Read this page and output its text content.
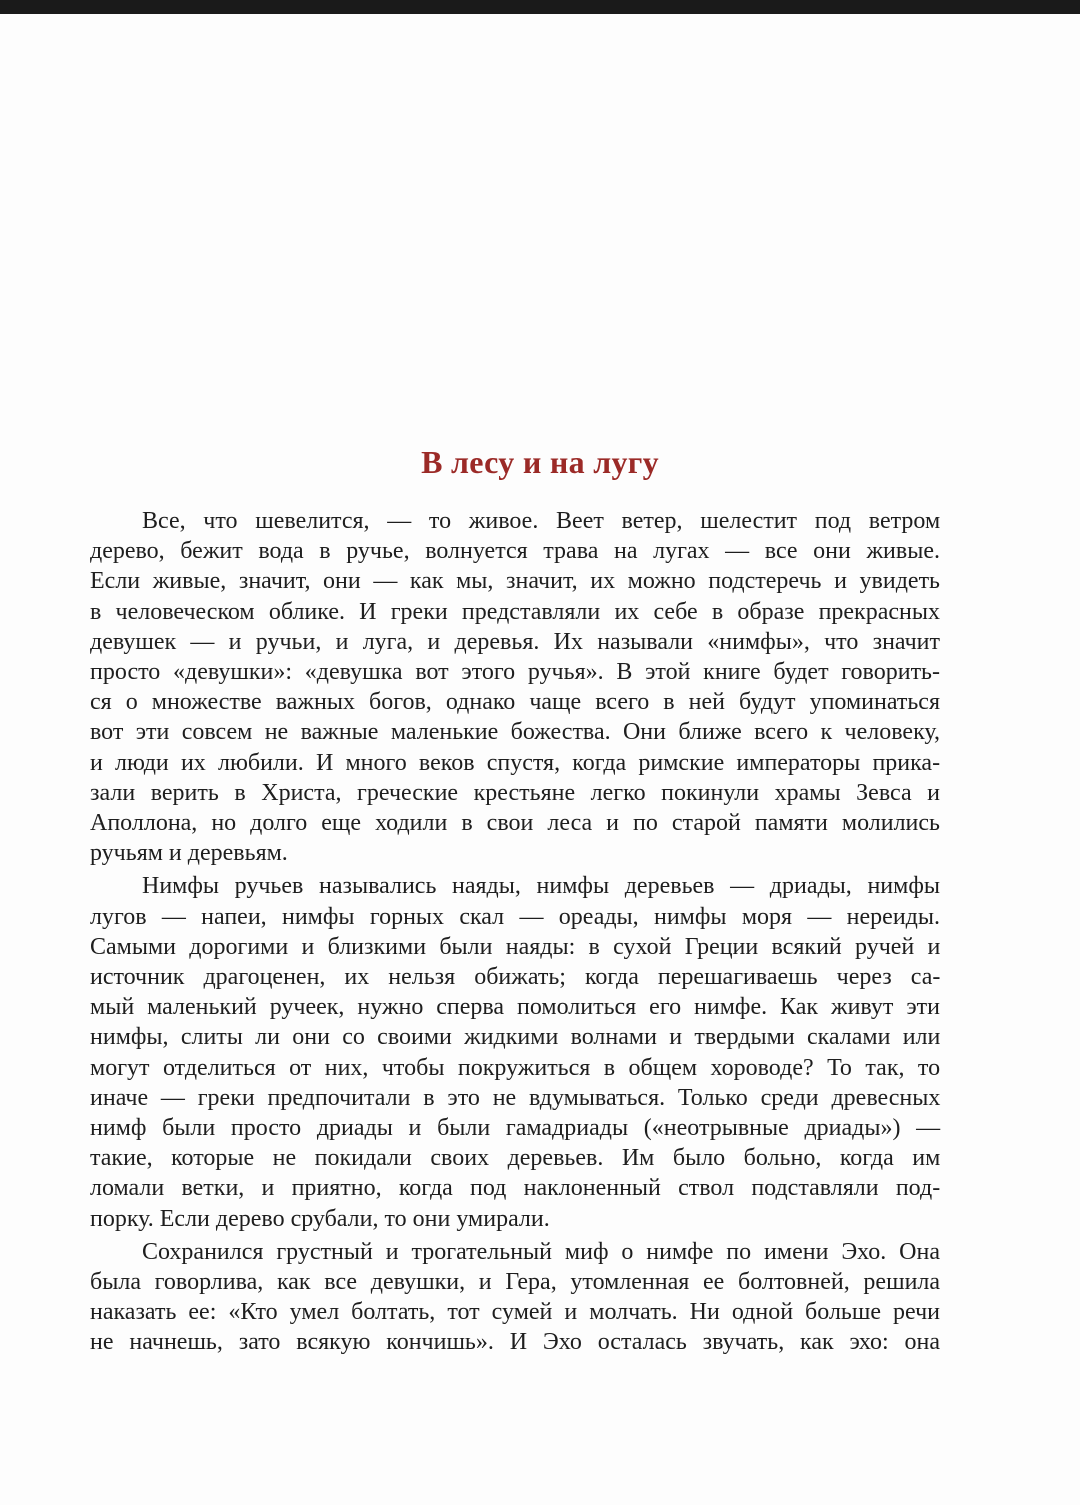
В лесу и на лугу

Все, что шевелится, — то живое. Веет ветер, шелестит под ветром
дерево, бежит вода в ручье, волнуется трава на лугах — все они живые.
Если живые, значит, они — как мы, значит, их можно подстеречь и увидеть
в человеческом облике. И греки представляли их себе в образе прекрасных
девушек — и ручьи, и луга, и деревья. Их называли «нимфы», что значит
просто «девушки»: «девушка вот этого ручья». В этой книге будет говорить-
ся о множестве важных богов, однако чаще всего в ней будут упоминаться
вот эти совсем не важные маленькие божества. Они ближе всего к человеку,
и люди их любили. И много веков спустя, когда римские императоры прика-
зали верить в Христа, греческие крестьяне легко покинули храмы Зевса и
Аполлона, но долго еще ходили в свои леса и по старой памяти молились
ручьям и деревьям.

Нимфы ручьев назывались наяды, нимфы деревьев — дриады, нимфы
лугов — напеи, нимфы горных скал — ореады, нимфы моря — нереиды.
Самыми дорогими и близкими были наяды: в сухой Греции всякий ручей и
источник драгоценен, их нельзя обижать; когда перешагиваешь через са-
мый маленький ручеек, нужно сперва помолиться его нимфе. Как живут эти
нимфы, слиты ли они со своими жидкими волнами и твердыми скалами или
могут отделиться от них, чтобы покружиться в общем хороводе? То так, то
иначе — греки предпочитали в это не вдумываться. Только среди древесных
нимф были просто дриады и были гамадриады («неотрывные дриады») —
такие, которые не покидали своих деревьев. Им было больно, когда им
ломали ветки, и приятно, когда под наклоненный ствол подставляли под-
порку. Если дерево срубали, то они умирали.

Сохранился грустный и трогательный миф о нимфе по имени Эхо. Она
была говорлива, как все девушки, и Гера, утомленная ее болтовней, решила
наказать ее: «Кто умел болтать, тот сумей и молчать. Ни одной больше речи
не начнешь, зато всякую кончишь». И Эхо осталась звучать, как эхо: она
